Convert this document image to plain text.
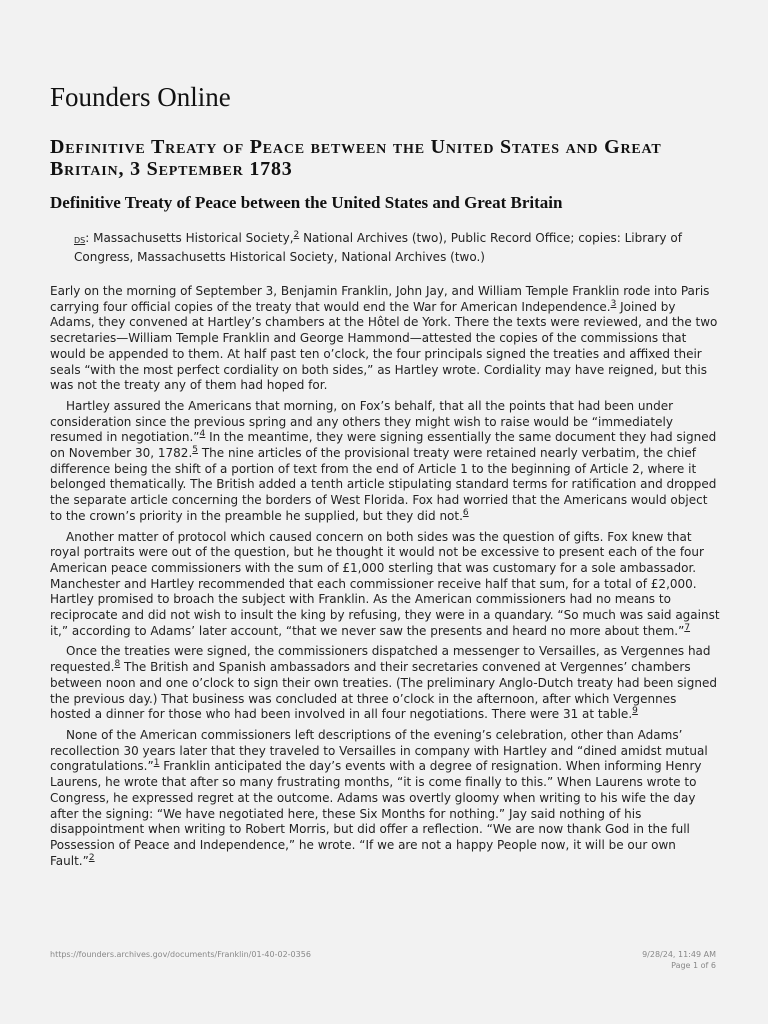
Founders Online
Definitive Treaty of Peace between the United States and Great Britain, 3 September 1783
Definitive Treaty of Peace between the United States and Great Britain

DS: Massachusetts Historical Society,$^2$ National Archives (two), Public Record Office; copies: Library of Congress, Massachusetts Historical Society, National Archives (two.)

Early on the morning of September 3, Benjamin Franklin, John Jay, and William Temple Franklin rode into Paris carrying four official copies of the treaty that would end the War for American Independence.$^3$ Joined by Adams, they convened at Hartley’s chambers at the Hôtel de York. There the texts were reviewed, and the two secretaries—William Temple Franklin and George Hammond—attested the copies of the commissions that would be appended to them. At half past ten o’clock, the four principals signed the treaties and affixed their seals “with the most perfect cordiality on both sides,” as Hartley wrote. Cordiality may have reigned, but this was not the treaty any of them had hoped for.

Hartley assured the Americans that morning, on Fox’s behalf, that all the points that had been under consideration since the previous spring and any others they might wish to raise would be “immediately resumed in negotiation.”$^4$ In the meantime, they were signing essentially the same document they had signed on November 30, 1782.$^5$ The nine articles of the provisional treaty were retained nearly verbatim, the chief difference being the shift of a portion of text from the end of Article 1 to the beginning of Article 2, where it belonged thematically. The British added a tenth article stipulating standard terms for ratification and dropped the separate article concerning the borders of West Florida. Fox had worried that the Americans would object to the crown’s priority in the preamble he supplied, but they did not.$^6$

Another matter of protocol which caused concern on both sides was the question of gifts. Fox knew that royal portraits were out of the question, but he thought it would not be excessive to present each of the four American peace commissioners with the sum of £1,000 sterling that was customary for a sole ambassador. Manchester and Hartley recommended that each commissioner receive half that sum, for a total of £2,000. Hartley promised to broach the subject with Franklin. As the American commissioners had no means to reciprocate and did not wish to insult the king by refusing, they were in a quandary. “So much was said against it,” according to Adams’ later account, “that we never saw the presents and heard no more about them.”$^7$

Once the treaties were signed, the commissioners dispatched a messenger to Versailles, as Vergennes had requested.$^8$ The British and Spanish ambassadors and their secretaries convened at Vergennes’ chambers between noon and one o’clock to sign their own treaties. (The preliminary Anglo-Dutch treaty had been signed the previous day.) That business was concluded at three o’clock in the afternoon, after which Vergennes hosted a dinner for those who had been involved in all four negotiations. There were 31 at table.$^9$

None of the American commissioners left descriptions of the evening’s celebration, other than Adams’ recollection 30 years later that they traveled to Versailles in company with Hartley and “dined amidst mutual congratulations.”$^1$ Franklin anticipated the day’s events with a degree of resignation. When informing Henry Laurens, he wrote that after so many frustrating months, “it is come finally to this.” When Laurens wrote to Congress, he expressed regret at the outcome. Adams was overtly gloomy when writing to his wife the day after the signing: “We have negotiated here, these Six Months for nothing.” Jay said nothing of his disappointment when writing to Robert Morris, but did offer a reflection. “We are now thank God in the full Possession of Peace and Independence,” he wrote. “If we are not a happy People now, it will be our own Fault.”$^2$

https://founders.archives.gov/documents/Franklin/01-40-02-0356	9/28/24, 11:49 AM
Page 1 of 6
